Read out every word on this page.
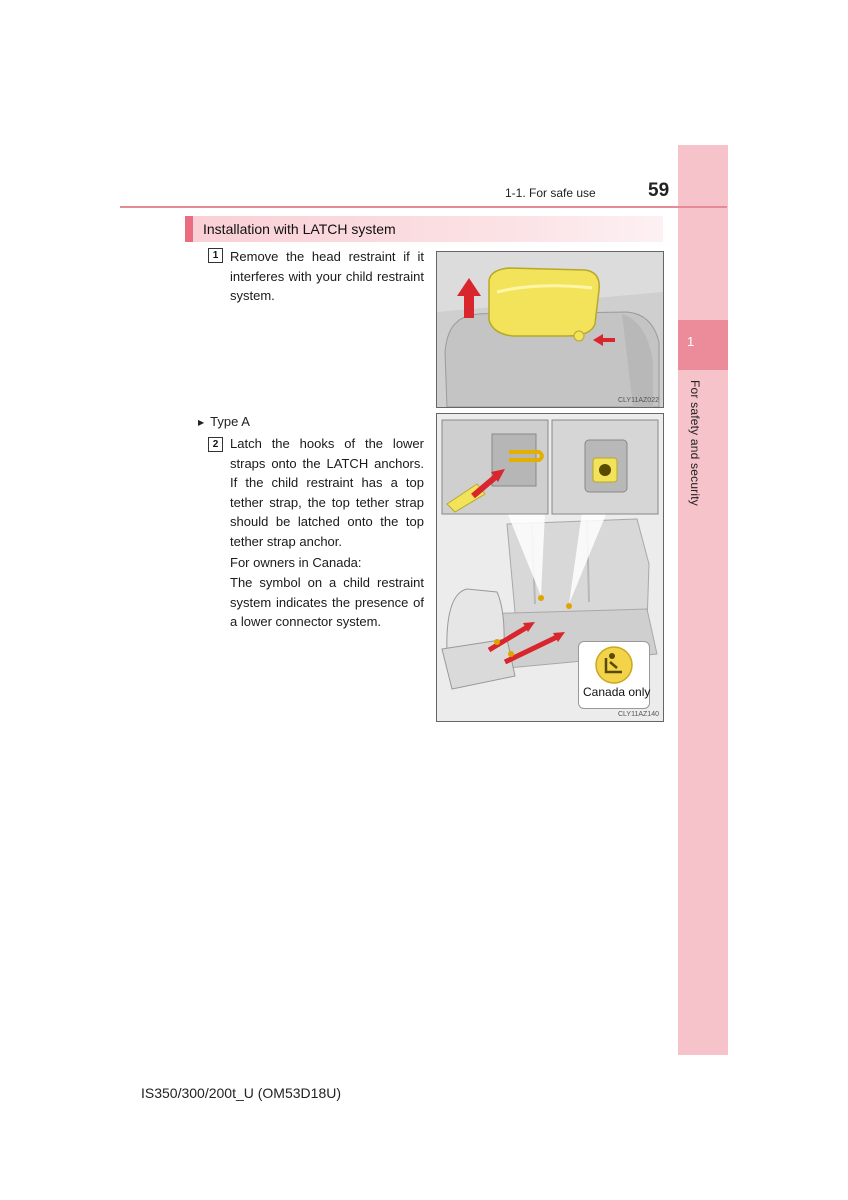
1
For safety and security
1-1. For safe use	59
Installation with LATCH system
1 Remove the head restraint if it interferes with your child restraint system.
CLY11AZ022
▶ Type A
2 Latch the hooks of the lower straps onto the LATCH anchors. If the child restraint has a top tether strap, the top tether strap should be latched onto the top tether strap anchor.
For owners in Canada:
The symbol on a child restraint system indicates the presence of a lower connector system.
CLY11AZ140
Canada only
IS350/300/200t_U (OM53D18U)
